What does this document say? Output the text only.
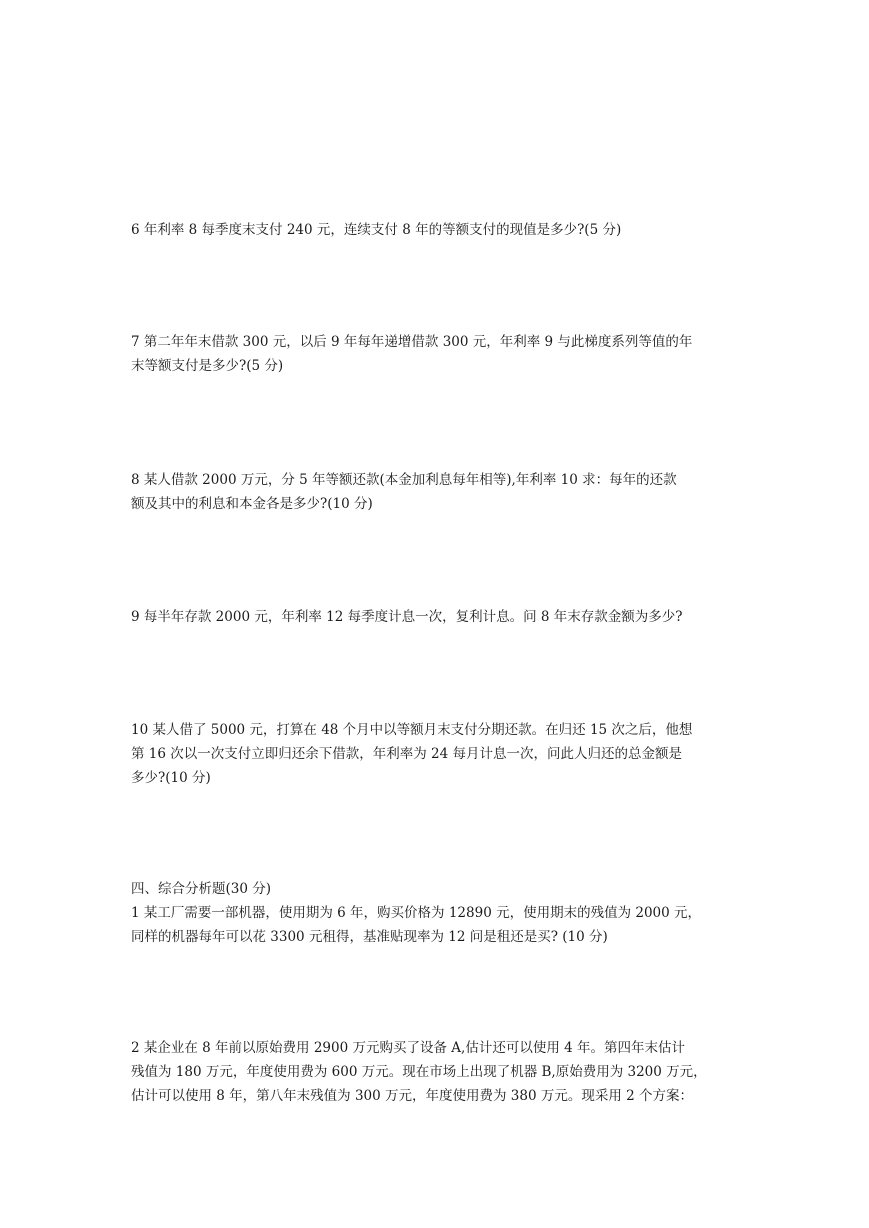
6 年利率 8 每季度末支付 240 元，连续支付 8 年的等额支付的现值是多少?(5 分)

7 第二年年末借款 300 元，以后 9 年每年递增借款 300 元，年利率 9 与此梯度系列等值的年
末等额支付是多少?(5 分)

8 某人借款 2000 万元，分 5 年等额还款(本金加利息每年相等),年利率 10 求：每年的还款
额及其中的利息和本金各是多少?(10 分)

9 每半年存款 2000 元，年利率 12 每季度计息一次，复利计息。问 8 年末存款金额为多少?

10 某人借了 5000 元，打算在 48 个月中以等额月末支付分期还款。在归还 15 次之后，他想
第 16 次以一次支付立即归还余下借款，年利率为 24 每月计息一次，问此人归还的总金额是
多少?(10 分)

四、综合分析题(30 分)
1 某工厂需要一部机器，使用期为 6 年，购买价格为 12890 元，使用期末的残值为 2000 元，
同样的机器每年可以花 3300 元租得，基准贴现率为 12 问是租还是买? (10 分)

2 某企业在 8 年前以原始费用 2900 万元购买了设备 A,估计还可以使用 4 年。第四年末估计
残值为 180 万元，年度使用费为 600 万元。现在市场上出现了机器 B,原始费用为 3200 万元，
估计可以使用 8 年，第八年末残值为 300 万元，年度使用费为 380 万元。现采用 2 个方案：
